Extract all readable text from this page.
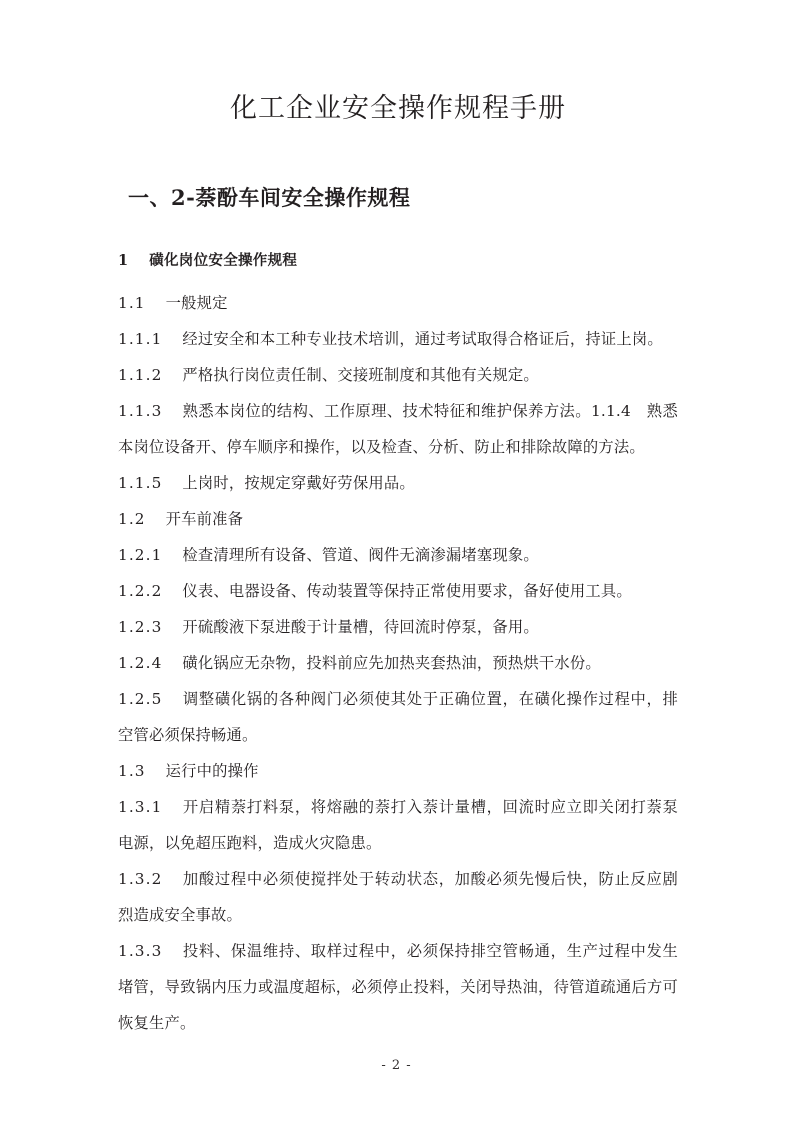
化工企业安全操作规程手册
一、2-萘酚车间安全操作规程
1 磺化岗位安全操作规程

1.1 一般规定

1.1.1 经过安全和本工种专业技术培训，通过考试取得合格证后，持证上岗。

1.1.2 严格执行岗位责任制、交接班制度和其他有关规定。

1.1.3 熟悉本岗位的结构、工作原理、技术特征和维护保养方法。1.1.4　熟悉本岗位设备开、停车顺序和操作，以及检查、分析、防止和排除故障的方法。

1.1.5 上岗时，按规定穿戴好劳保用品。

1.2 开车前准备

1.2.1 检查清理所有设备、管道、阀件无滴渗漏堵塞现象。

1.2.2 仪表、电器设备、传动装置等保持正常使用要求，备好使用工具。

1.2.3 开硫酸液下泵进酸于计量槽，待回流时停泵，备用。

1.2.4 磺化锅应无杂物，投料前应先加热夹套热油，预热烘干水份。

1.2.5 调整磺化锅的各种阀门必须使其处于正确位置，在磺化操作过程中，排空管必须保持畅通。

1.3 运行中的操作

1.3.1 开启精萘打料泵，将熔融的萘打入萘计量槽，回流时应立即关闭打萘泵电源，以免超压跑料，造成火灾隐患。

1.3.2 加酸过程中必须使搅拌处于转动状态，加酸必须先慢后快，防止反应剧烈造成安全事故。

1.3.3 投料、保温维持、取样过程中，必须保持排空管畅通，生产过程中发生堵管，导致锅内压力或温度超标，必须停止投料，关闭导热油，待管道疏通后方可恢复生产。

- 2 -
